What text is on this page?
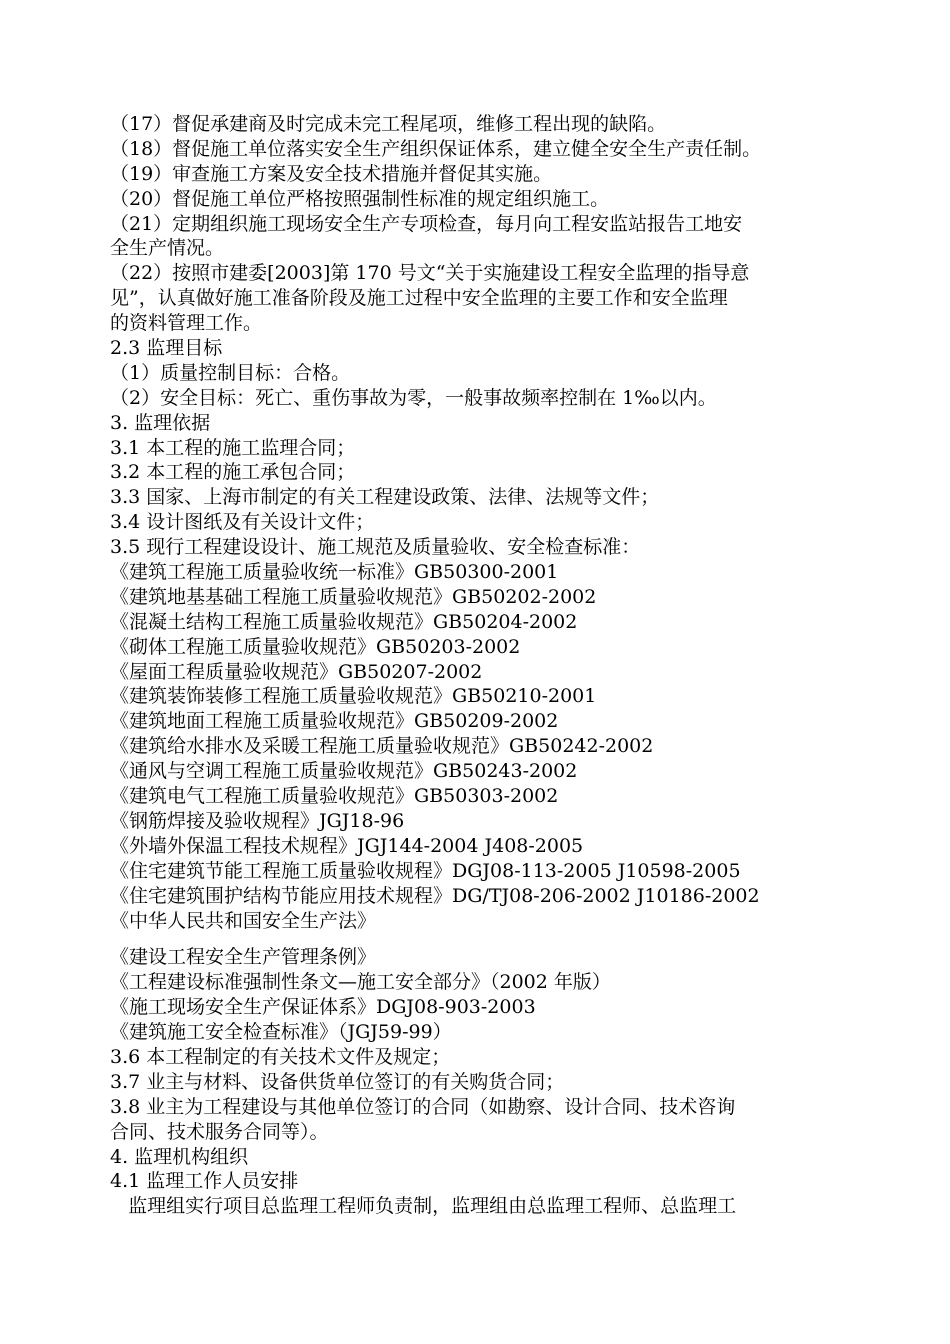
（17）督促承建商及时完成未完工程尾项，维修工程出现的缺陷。
（18）督促施工单位落实安全生产组织保证体系，建立健全安全生产责任制。
（19）审查施工方案及安全技术措施并督促其实施。
（20）督促施工单位严格按照强制性标准的规定组织施工。
（21）定期组织施工现场安全生产专项检查，每月向工程安监站报告工地安
全生产情况。
（22）按照市建委[2003]第 170 号文“关于实施建设工程安全监理的指导意
见”，认真做好施工准备阶段及施工过程中安全监理的主要工作和安全监理
的资料管理工作。
2.3 监理目标
（1）质量控制目标：合格。
（2）安全目标：死亡、重伤事故为零，一般事故频率控制在 1‰以内。
3. 监理依据
3.1 本工程的施工监理合同；
3.2 本工程的施工承包合同；
3.3 国家、上海市制定的有关工程建设政策、法律、法规等文件；
3.4 设计图纸及有关设计文件；
3.5 现行工程建设设计、施工规范及质量验收、安全检查标准：
《建筑工程施工质量验收统一标准》GB50300-2001
《建筑地基基础工程施工质量验收规范》GB50202-2002
《混凝土结构工程施工质量验收规范》GB50204-2002
《砌体工程施工质量验收规范》GB50203-2002
《屋面工程质量验收规范》GB50207-2002
《建筑装饰装修工程施工质量验收规范》GB50210-2001
《建筑地面工程施工质量验收规范》GB50209-2002
《建筑给水排水及采暖工程施工质量验收规范》GB50242-2002
《通风与空调工程施工质量验收规范》GB50243-2002
《建筑电气工程施工质量验收规范》GB50303-2002
《钢筋焊接及验收规程》JGJ18-96
《外墙外保温工程技术规程》JGJ144-2004 J408-2005
《住宅建筑节能工程施工质量验收规程》DGJ08-113-2005 J10598-2005
《住宅建筑围护结构节能应用技术规程》DG/TJ08-206-2002 J10186-2002
《中华人民共和国安全生产法》
《建设工程安全生产管理条例》
《工程建设标准强制性条文—施工安全部分》（2002 年版）
《施工现场安全生产保证体系》DGJ08-903-2003
《建筑施工安全检查标准》（JGJ59-99）
3.6 本工程制定的有关技术文件及规定；
3.7 业主与材料、设备供货单位签订的有关购货合同；
3.8 业主为工程建设与其他单位签订的合同（如勘察、设计合同、技术咨询
合同、技术服务合同等）。
4. 监理机构组织
4.1 监理工作人员安排
监理组实行项目总监理工程师负责制，监理组由总监理工程师、总监理工
